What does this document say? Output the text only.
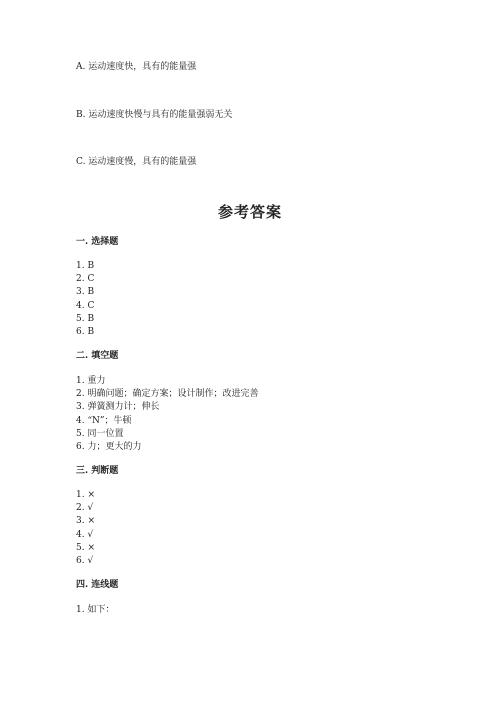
A. 运动速度快，具有的能量强
B. 运动速度快慢与具有的能量强弱无关
C. 运动速度慢，具有的能量强
参考答案
一. 选择题
1. B
2. C
3. B
4. C
5. B
6. B
二. 填空题
1. 重力
2. 明确问题；确定方案；设计制作；改进完善
3. 弹簧测力计；伸长
4. “N”；牛顿
5. 同一位置
6. 力；更大的力
三. 判断题
1. ×
2. √
3. ×
4. √
5. ×
6. √
四. 连线题
1. 如下：
